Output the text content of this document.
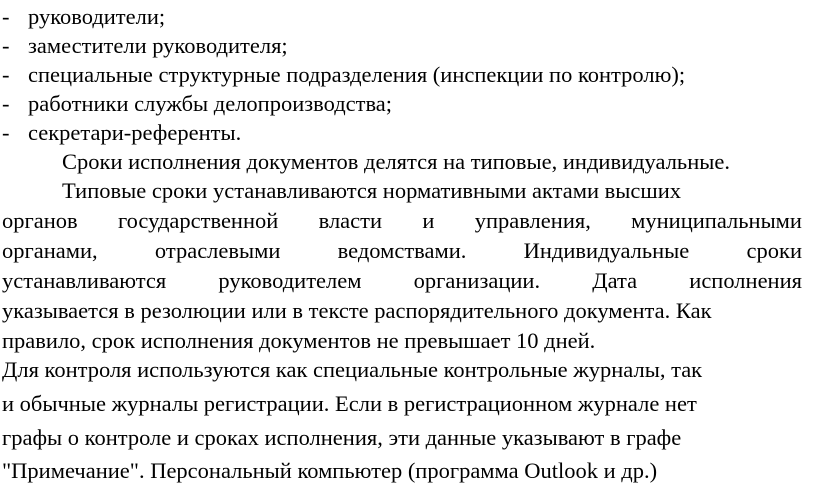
- руководители;
- заместители руководителя;
- специальные структурные подразделения (инспекции по контролю);
- работники службы делопроизводства;
- секретари-референты.
Сроки исполнения документов делятся на типовые, индивидуальные.
Типовые сроки устанавливаются нормативными актами высших
органов государственной власти и управления, муниципальными
органами,	отраслевыми	ведомствами.	Индивидуальные	сроки
устанавливаются руководителем организации. Дата исполнения
указывается в резолюции или в тексте распорядительного документа. Как
правило, срок исполнения документов не превышает 10 дней.
Для контроля используются как специальные контрольные журналы, так
и обычные журналы регистрации. Если в регистрационном журнале нет
графы о контроле и сроках исполнения, эти данные указывают в графе
"Примечание". Персональный компьютер (программа Outlook и др.)
